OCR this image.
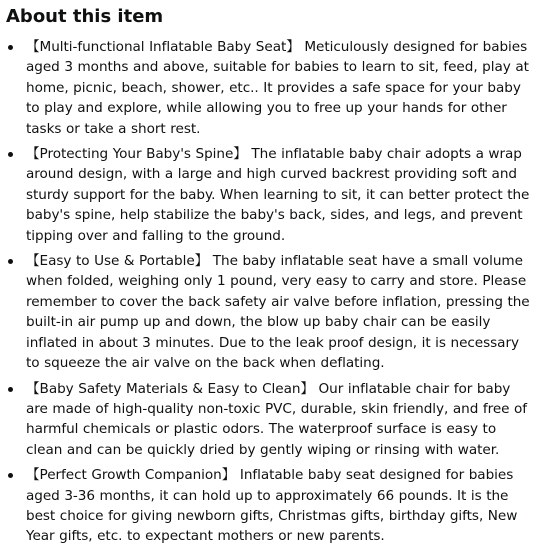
About this item
【Multi-functional Inflatable Baby Seat】 Meticulously designed for babies aged 3 months and above, suitable for babies to learn to sit, feed, play at home, picnic, beach, shower, etc.. It provides a safe space for your baby to play and explore, while allowing you to free up your hands for other tasks or take a short rest.
【Protecting Your Baby's Spine】 The inflatable baby chair adopts a wrap around design, with a large and high curved backrest providing soft and sturdy support for the baby. When learning to sit, it can better protect the baby's spine, help stabilize the baby's back, sides, and legs, and prevent tipping over and falling to the ground.
【Easy to Use & Portable】 The baby inflatable seat have a small volume when folded, weighing only 1 pound, very easy to carry and store. Please remember to cover the back safety air valve before inflation, pressing the built-in air pump up and down, the blow up baby chair can be easily inflated in about 3 minutes. Due to the leak proof design, it is necessary to squeeze the air valve on the back when deflating.
【Baby Safety Materials & Easy to Clean】 Our inflatable chair for baby are made of high-quality non-toxic PVC, durable, skin friendly, and free of harmful chemicals or plastic odors. The waterproof surface is easy to clean and can be quickly dried by gently wiping or rinsing with water.
【Perfect Growth Companion】 Inflatable baby seat designed for babies aged 3-36 months, it can hold up to approximately 66 pounds. It is the best choice for giving newborn gifts, Christmas gifts, birthday gifts, New Year gifts, etc. to expectant mothers or new parents.
